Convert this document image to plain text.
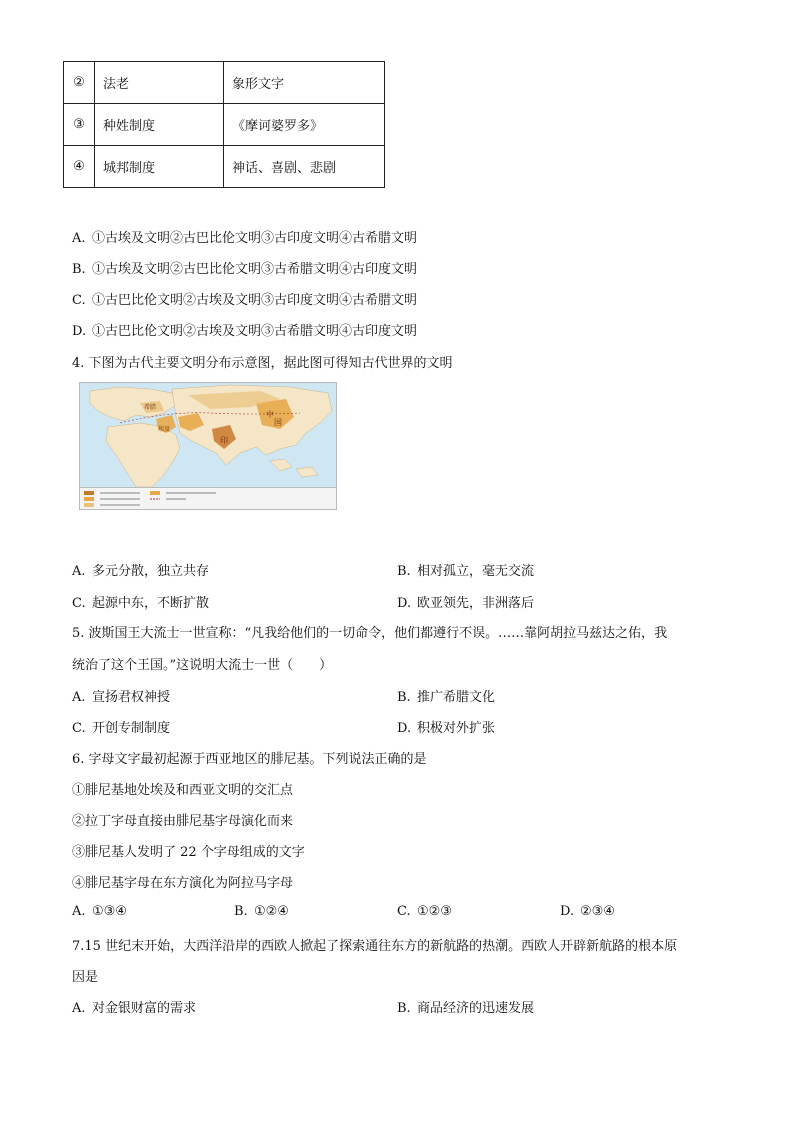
②	法老	象形文字
③	种姓制度	《摩诃婆罗多》
④	城邦制度	神话、喜剧、悲剧
A. ①古埃及文明②古巴比伦文明③古印度文明④古希腊文明
B. ①古埃及文明②古巴比伦文明③古希腊文明④古印度文明
C. ①古巴比伦文明②古埃及文明③古印度文明④古希腊文明
D. ①古巴比伦文明②古埃及文明③古希腊文明④古印度文明
4. 下图为古代主要文明分布示意图，据此图可得知古代世界的文明
中
国
印
希腊
埃及
A. 多元分散，独立共存	B. 相对孤立，毫无交流
C. 起源中东，不断扩散	D. 欧亚领先，非洲落后
5. 波斯国王大流士一世宣称：“凡我给他们的一切命令，他们都遵行不误。……靠阿胡拉马兹达之佑，我
统治了这个王国。”这说明大流士一世（　　）
A. 宣扬君权神授	B. 推广希腊文化
C. 开创专制制度	D. 积极对外扩张
6. 字母文字最初起源于西亚地区的腓尼基。下列说法正确的是
①腓尼基地处埃及和西亚文明的交汇点
②拉丁字母直接由腓尼基字母演化而来
③腓尼基人发明了 22 个字母组成的文字
④腓尼基字母在东方演化为阿拉马字母
A. ①③④	B. ①②④	C. ①②③	D. ②③④
7.15 世纪末开始，大西洋沿岸的西欧人掀起了探索通往东方的新航路的热潮。西欧人开辟新航路的根本原
因是
A. 对金银财富的需求	B. 商品经济的迅速发展
